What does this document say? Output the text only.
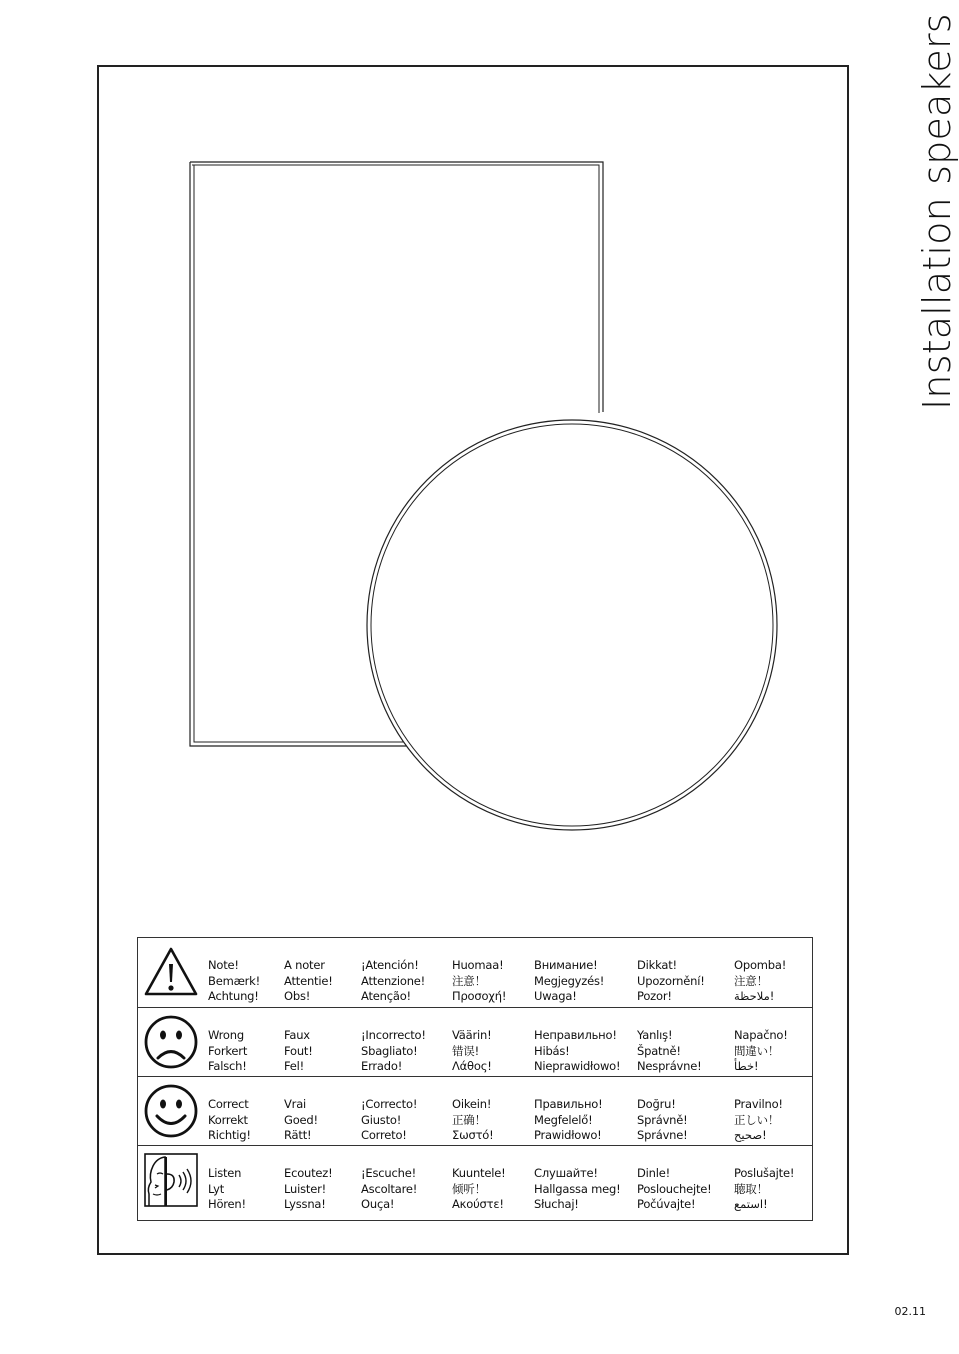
Installation speakers
Note!
Bemærk!
Achtung!
A noter
Attentie!
Obs!
¡Atención!
Attenzione!
Atenção!
Huomaa!
注意！
Προσοχή!
Внимание!
Megjegyzés!
Uwaga!
Dikkat!
Upozornění!
Pozor!
Opomba!
注意！
ملاحظة!
Wrong
Forkert
Falsch!
Faux
Fout!
Fel!
¡Incorrecto!
Sbagliato!
Errado!
Väärin!
错误!
Λάθος!
Неправильно!
Hibás!
Nieprawidłowo!
Yanlış!
Špatně!
Nesprávne!
Napačno!
間違い！
خطأ!
Correct
Korrekt
Richtig!
Vrai
Goed!
Rätt!
¡Correcto!
Giusto!
Correto!
Oikein!
正确！
Σωστό!
Правильно!
Megfelelő!
Prawidłowo!
Doğru!
Správně!
Správne!
Pravilno!
正しい！
صحيح!
Listen
Lyt
Hören!
Ecoutez!
Luister!
Lyssna!
¡Escuche!
Ascoltare!
Ouça!
Kuuntele!
倾听！
Ακούστε!
Слушайте!
Hallgassa meg!
Słuchaj!
Dinle!
Poslouchejte!
Počúvajte!
Poslušajte!
聴取！
استمع!
02.11
